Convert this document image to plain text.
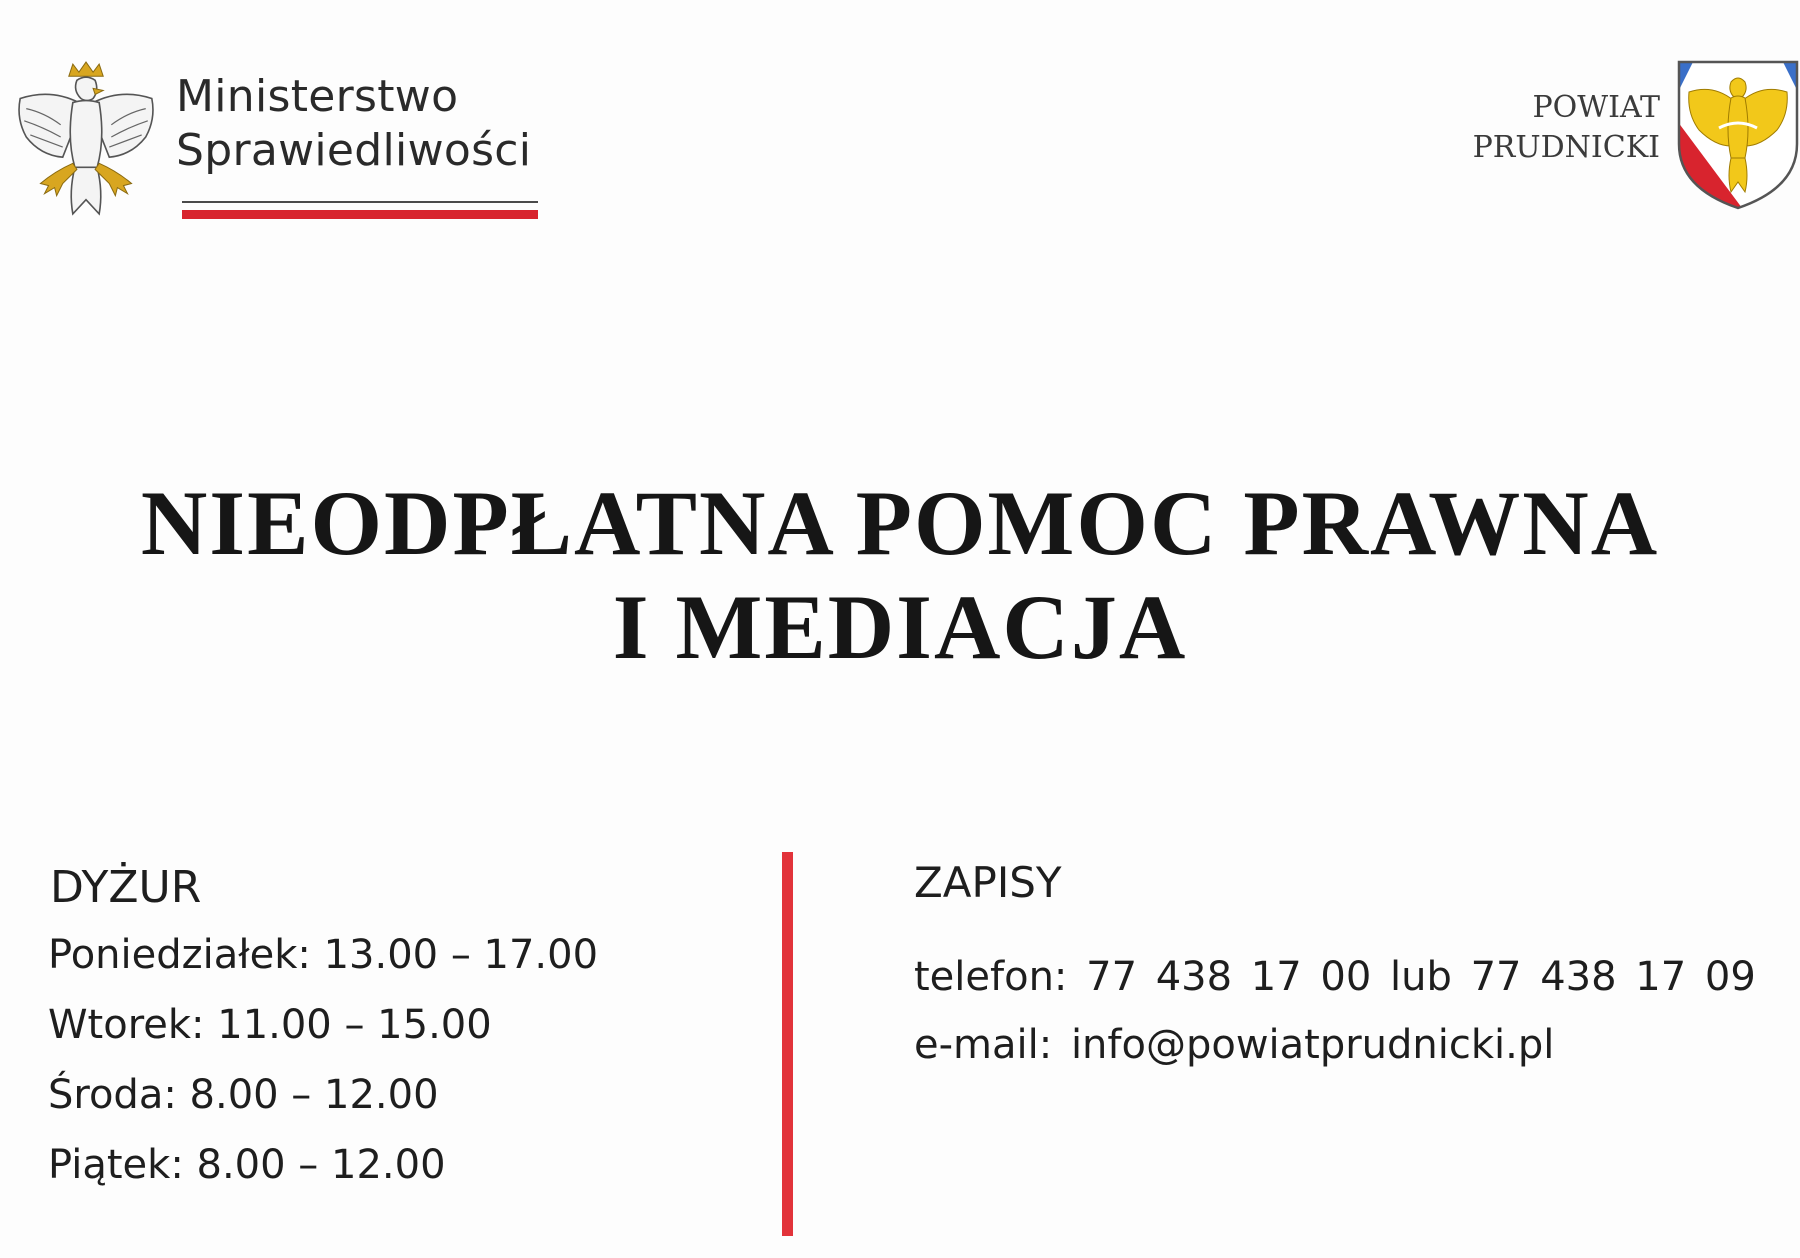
Ministerstwo
Sprawiedliwości
POWIAT
PRUDNICKI
NIEODPŁATNA POMOC PRAWNA
I MEDIACJA
DYŻUR
Poniedziałek: 13.00 – 17.00
Wtorek: 11.00 – 15.00
Środa: 8.00 – 12.00
Piątek: 8.00 – 12.00
ZAPISY
telefon: 77 438 17 00 lub 77 438 17 09
e-mail: info@powiatprudnicki.pl
